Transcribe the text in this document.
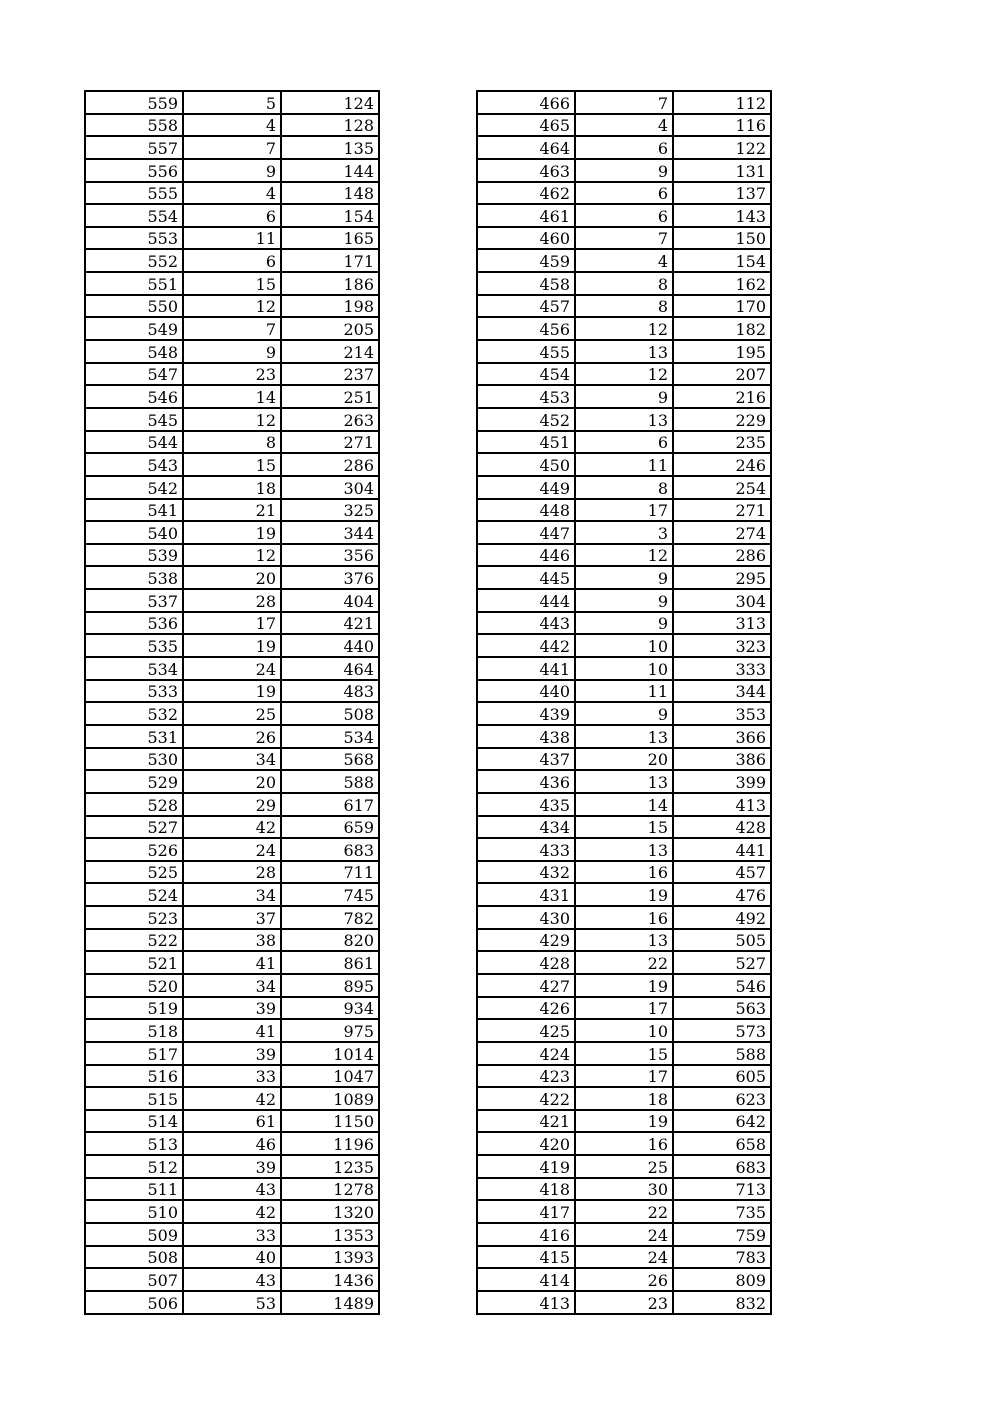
559	5	124
558	4	128
557	7	135
556	9	144
555	4	148
554	6	154
553	11	165
552	6	171
551	15	186
550	12	198
549	7	205
548	9	214
547	23	237
546	14	251
545	12	263
544	8	271
543	15	286
542	18	304
541	21	325
540	19	344
539	12	356
538	20	376
537	28	404
536	17	421
535	19	440
534	24	464
533	19	483
532	25	508
531	26	534
530	34	568
529	20	588
528	29	617
527	42	659
526	24	683
525	28	711
524	34	745
523	37	782
522	38	820
521	41	861
520	34	895
519	39	934
518	41	975
517	39	1014
516	33	1047
515	42	1089
514	61	1150
513	46	1196
512	39	1235
511	43	1278
510	42	1320
509	33	1353
508	40	1393
507	43	1436
506	53	1489
466	7	112
465	4	116
464	6	122
463	9	131
462	6	137
461	6	143
460	7	150
459	4	154
458	8	162
457	8	170
456	12	182
455	13	195
454	12	207
453	9	216
452	13	229
451	6	235
450	11	246
449	8	254
448	17	271
447	3	274
446	12	286
445	9	295
444	9	304
443	9	313
442	10	323
441	10	333
440	11	344
439	9	353
438	13	366
437	20	386
436	13	399
435	14	413
434	15	428
433	13	441
432	16	457
431	19	476
430	16	492
429	13	505
428	22	527
427	19	546
426	17	563
425	10	573
424	15	588
423	17	605
422	18	623
421	19	642
420	16	658
419	25	683
418	30	713
417	22	735
416	24	759
415	24	783
414	26	809
413	23	832
